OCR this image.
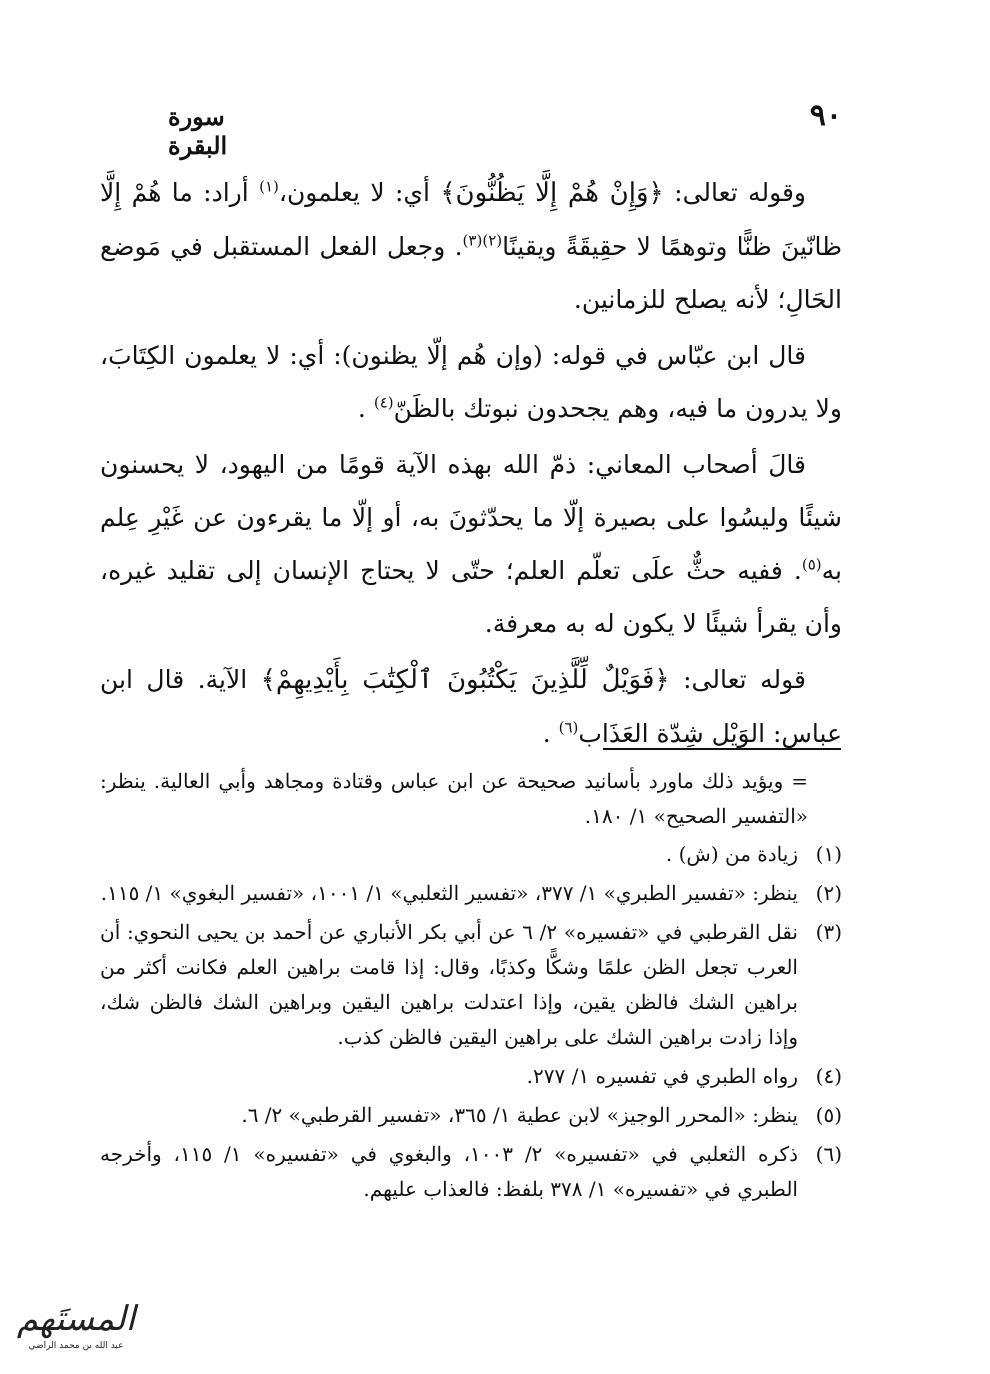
٩٠
سورة البقرة

وقوله تعالى: ﴿وَإِنْ هُمْ إِلَّا يَظُنُّونَ﴾ أي: لا يعلمون،$^{(١)}$ أراد: ما هُمْ إِلَّا ظانّينَ ظنًّا وتوهمًا لا حقِيقَةً ويقينًا$^{(٢)(٣)}$. وجعل الفعل المستقبل في مَوضع الحَالِ؛ لأنه يصلح للزمانين.

قال ابن عبّاس في قوله: (وإن هُم إلّا يظنون): أي: لا يعلمون الكِتَابَ، ولا يدرون ما فيه، وهم يجحدون نبوتك بالظَنّ$^{(٤)}$ .

قالَ أصحاب المعاني: ذمّ الله بهذه الآية قومًا من اليهود، لا يحسنون شيئًا وليسُوا على بصيرة إلّا ما يحدّثونَ به، أو إلّا ما يقرءون عن غَيْرِ عِلم به$^{(٥)}$. ففيه حثٌّ علَى تعلّم العلم؛ حتّى لا يحتاج الإنسان إلى تقليد غيره، وأن يقرأ شيئًا لا يكون له به معرفة.

قوله تعالى: ﴿فَوَيْلٌ لِّلَّذِينَ يَكْتُبُونَ ٱلْكِتَٰبَ بِأَيْدِيهِمْ﴾ الآية. قال ابن عباس: الوَيْل شِدّة العَذَاب$^{(٦)}$ .

= ويؤيد ذلك ماورد بأسانيد صحيحة عن ابن عباس وقتادة ومجاهد وأبي العالية. ينظر: «التفسير الصحيح» ١/ ١٨٠.
(١)
زيادة من (ش) .
(٢)
ينظر: «تفسير الطبري» ١/ ٣٧٧، «تفسير الثعلبي» ١/ ١٠٠١، «تفسير البغوي» ١/ ١١٥.
(٣)
نقل القرطبي في «تفسيره» ٢/ ٦ عن أبي بكر الأنباري عن أحمد بن يحيى النحوي: أن العرب تجعل الظن علمًا وشكًّا وكذبًا، وقال: إذا قامت براهين العلم فكانت أكثر من براهين الشك فالظن يقين، وإذا اعتدلت براهين اليقين وبراهين الشك فالظن شك، وإذا زادت براهين الشك على براهين اليقين فالظن كذب.
(٤)
رواه الطبري في تفسيره ١/ ٢٧٧.
(٥)
ينظر: «المحرر الوجيز» لابن عطية ١/ ٣٦٥، «تفسير القرطبي» ٢/ ٦.
(٦)
ذكره الثعلبي في «تفسيره» ٢/ ١٠٠٣، والبغوي في «تفسيره» ١/ ١١٥، وأخرجه الطبري في «تفسيره» ١/ ٣٧٨ بلفظ: فالعذاب عليهم.
المستَهم
عبد الله بن محمد الراضي
